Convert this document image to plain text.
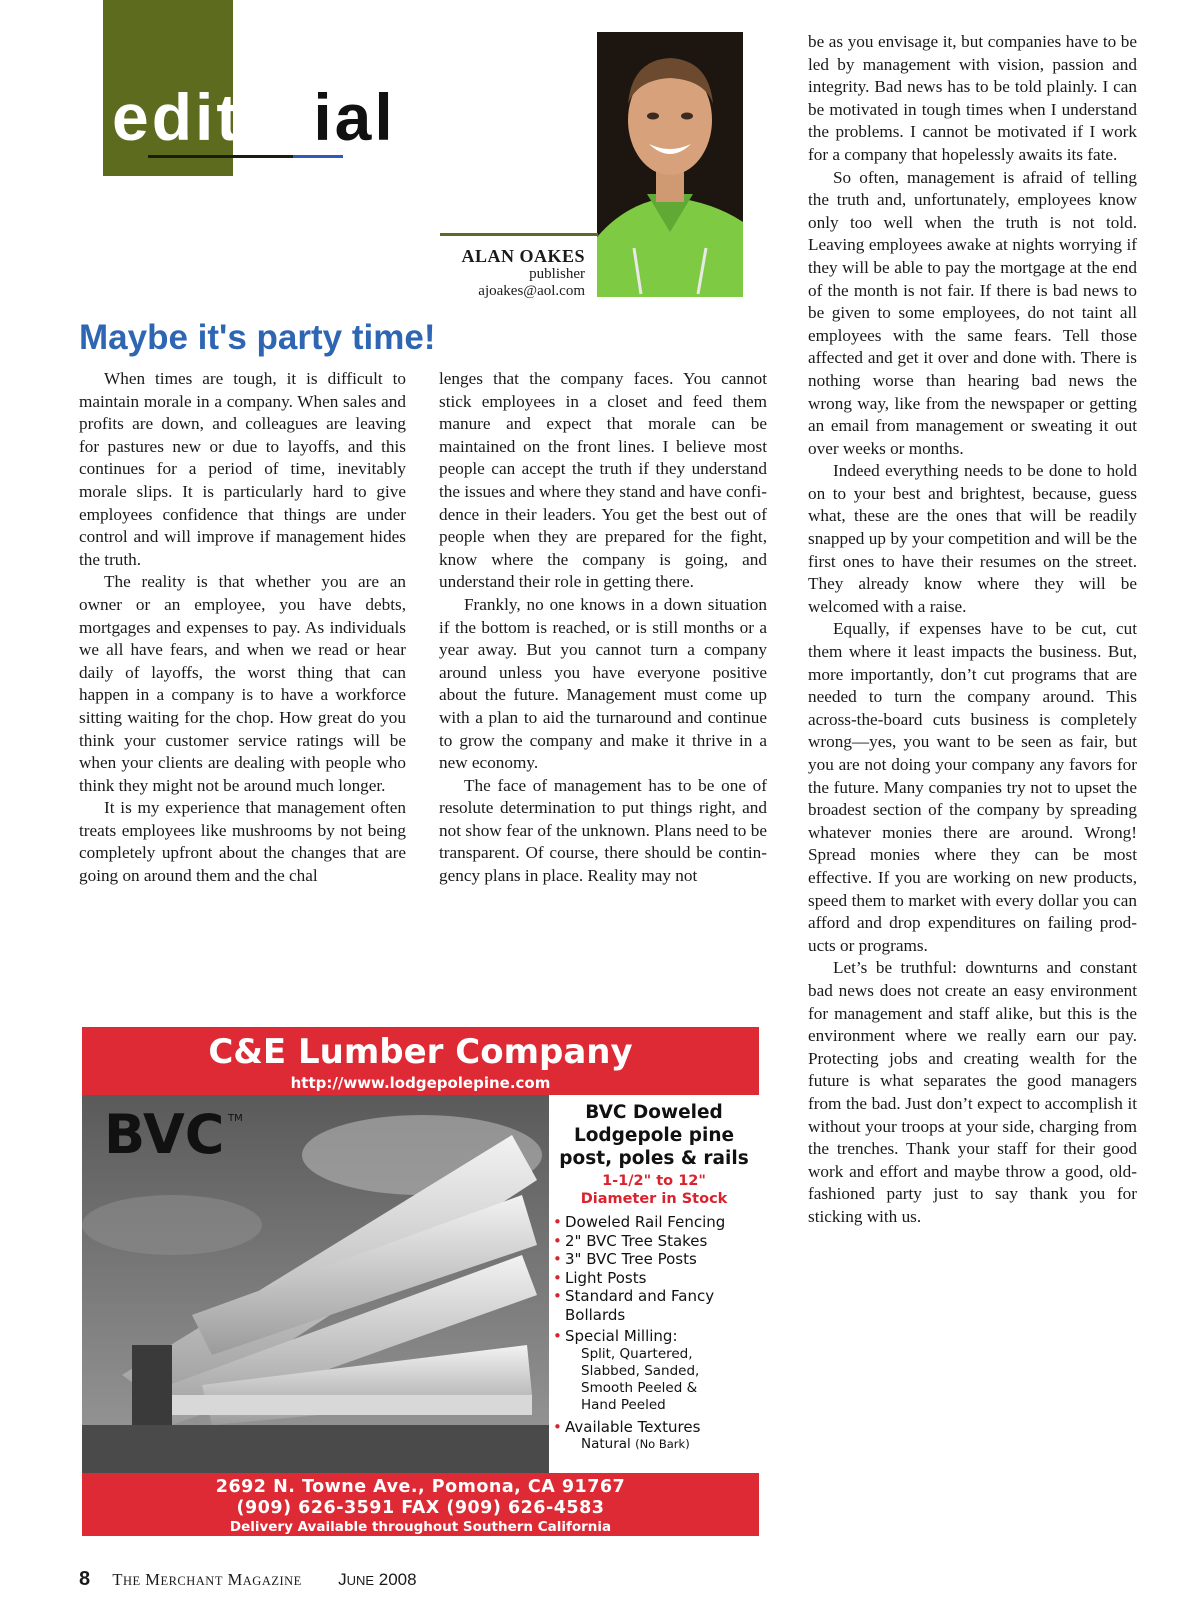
editorial
ALAN OAKES
publisher
ajoakes@aol.com
Maybe it's party time!

When times are tough, it is difficult to maintain morale in a company. When sales and profits are down, and colleagues are leaving for pastures new or due to layoffs, and this continues for a period of time, inevitably morale slips. It is particularly hard to give employees confidence that things are under control and will improve if management hides the truth.

The reality is that whether you are an owner or an employee, you have debts, mortgages and expenses to pay. As individuals we all have fears, and when we read or hear daily of layoffs, the worst thing that can happen in a company is to have a workforce sitting waiting for the chop. How great do you think your customer service ratings will be when your clients are dealing with people who think they might not be around much longer.

It is my experience that management often treats employees like mushrooms by not being completely upfront about the changes that are going on around them and the chal

lenges that the company faces. You cannot stick employees in a closet and feed them manure and expect that morale can be maintained on the front lines. I believe most people can accept the truth if they understand the issues and where they stand and have confidence in their leaders. You get the best out of people when they are prepared for the fight, know where the company is going, and understand their role in getting there.

Frankly, no one knows in a down situation if the bottom is reached, or is still months or a year away. But you cannot turn a company around unless you have everyone positive about the future. Management must come up with a plan to aid the turnaround and continue to grow the company and make it thrive in a new economy.

The face of management has to be one of resolute determination to put things right, and not show fear of the unknown. Plans need to be transparent. Of course, there should be contingency plans in place. Reality may not

be as you envisage it, but companies have to be led by management with vision, passion and integrity. Bad news has to be told plainly. I can be motivated in tough times when I understand the problems. I cannot be motivated if I work for a company that hopelessly awaits its fate.

So often, management is afraid of telling the truth and, unfortunately, employees know only too well when the truth is not told. Leaving employees awake at nights worrying if they will be able to pay the mortgage at the end of the month is not fair. If there is bad news to be given to some employees, do not taint all employees with the same fears. Tell those affected and get it over and done with. There is nothing worse than hearing bad news the wrong way, like from the newspaper or getting an email from management or sweating it out over weeks or months.

Indeed everything needs to be done to hold on to your best and brightest, because, guess what, these are the ones that will be readily snapped up by your competition and will be the first ones to have their resumes on the street. They already know where they will be welcomed with a raise.

Equally, if expenses have to be cut, cut them where it least impacts the business. But, more importantly, don’t cut programs that are needed to turn the company around. This across-the-board cuts business is completely wrong—yes, you want to be seen as fair, but you are not doing your company any favors for the future. Many companies try not to upset the broadest section of the company by spreading whatever monies there are around. Wrong! Spread monies where they can be most effective. If you are working on new products, speed them to market with every dollar you can afford and drop expenditures on failing products or programs.

Let’s be truthful: downturns and constant bad news does not create an easy environment for management and staff alike, but this is the environment where we really earn our pay. Protecting jobs and creating wealth for the future is what separates the good managers from the bad. Just don’t expect to accomplish it without your troops at your side, charging from the trenches. Thank your staff for their good work and effort and maybe throw a good, old-fashioned party just to say thank you for sticking with us.

C&E Lumber Company
http://www.lodgepolepine.com
BVC TM	BVC Doweled
Lodgepole pine
post, poles & rails
1-1/2" to 12"
Diameter in Stock
• Doweled Rail Fencing
• 2" BVC Tree Stakes
• 3" BVC Tree Posts
• Light Posts
• Standard and Fancy
Bollards
• Special Milling:
Split, Quartered,
Slabbed, Sanded,
Smooth Peeled &
Hand Peeled
• Available Textures
Natural (No Bark)
2692 N. Towne Ave., Pomona, CA 91767
(909) 626-3591 FAX (909) 626-4583
Delivery Available throughout Southern California
8 THE MERCHANT MAGAZINE JUNE 2008
